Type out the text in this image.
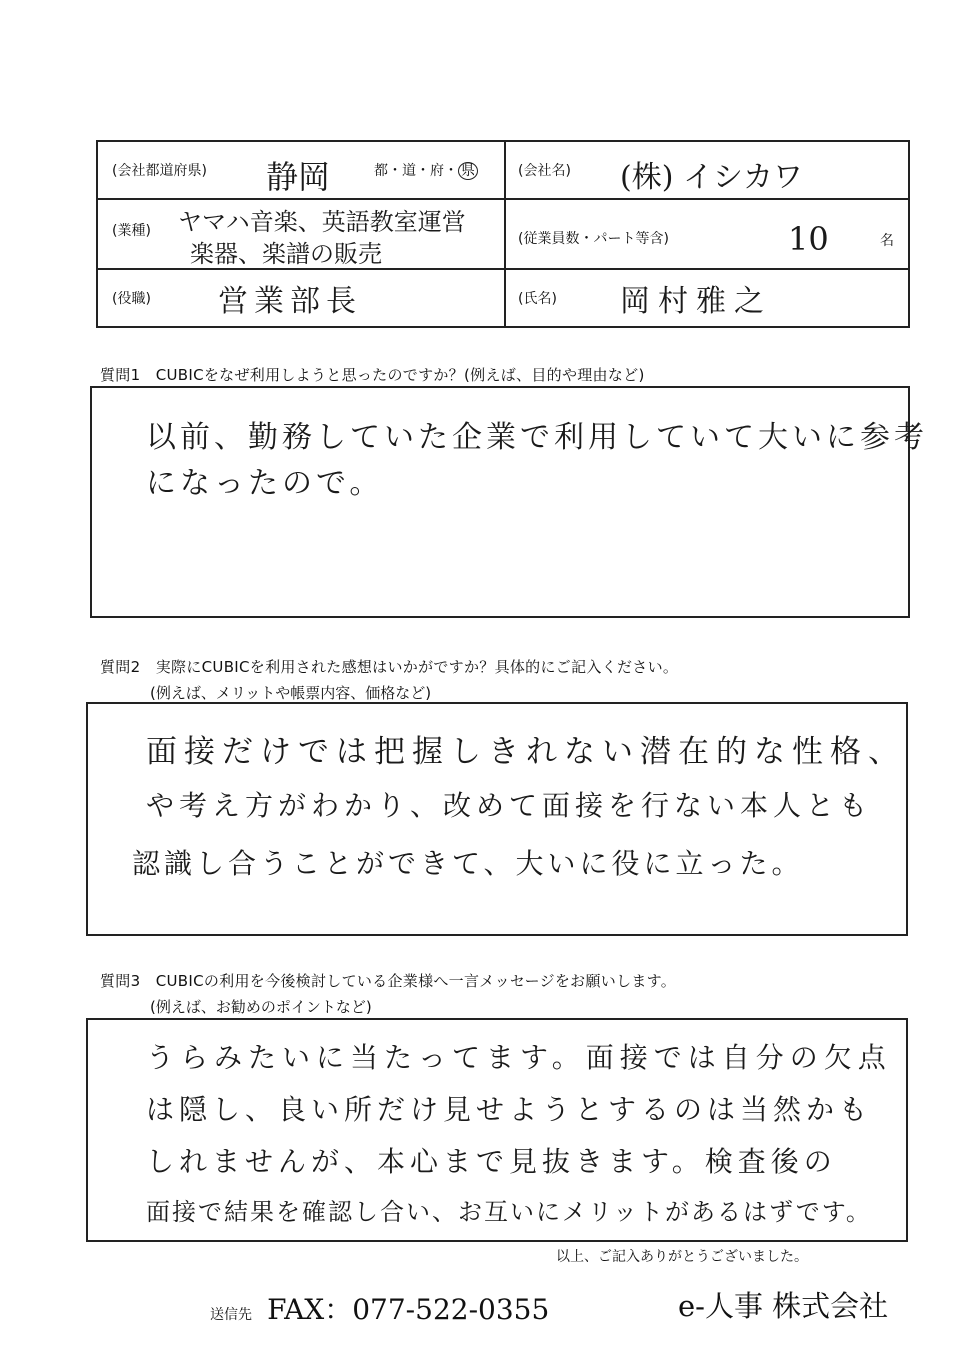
(会社都道府県) 静岡	都・道・府・ 県	(会社名) (株) イシカワ
(業種) ヤマハ音楽、英語教室運営
楽器、楽譜の販売
(従業員数・パート等含)	10	名
(役職) 営業部長	(氏名) 岡村雅之
質問1　CUBICをなぜ利用しようと思ったのですか？(例えば、目的や理由など)
以前、勤務していた企業で利用していて大いに参考
になったので。
質問2　実際にCUBICを利用された感想はいかがですか？具体的にご記入ください。
(例えば、メリットや帳票内容、価格など)
面接だけでは把握しきれない潜在的な性格、
や考え方がわかり、改めて面接を行ない本人とも
認識し合うことができて、大いに役に立った。
質問3　CUBICの利用を今後検討している企業様へ一言メッセージをお願いします。
(例えば、お勧めのポイントなど)
うらみたいに当たってます。面接では自分の欠点
は隠し、良い所だけ見せようとするのは当然かも
しれませんが、本心まで見抜きます。検査後の
面接で結果を確認し合い、お互いにメリットがあるはずです。
以上、ご記入ありがとうございました。
送信先 FAX：077-522-0355	e-人事 株式会社
